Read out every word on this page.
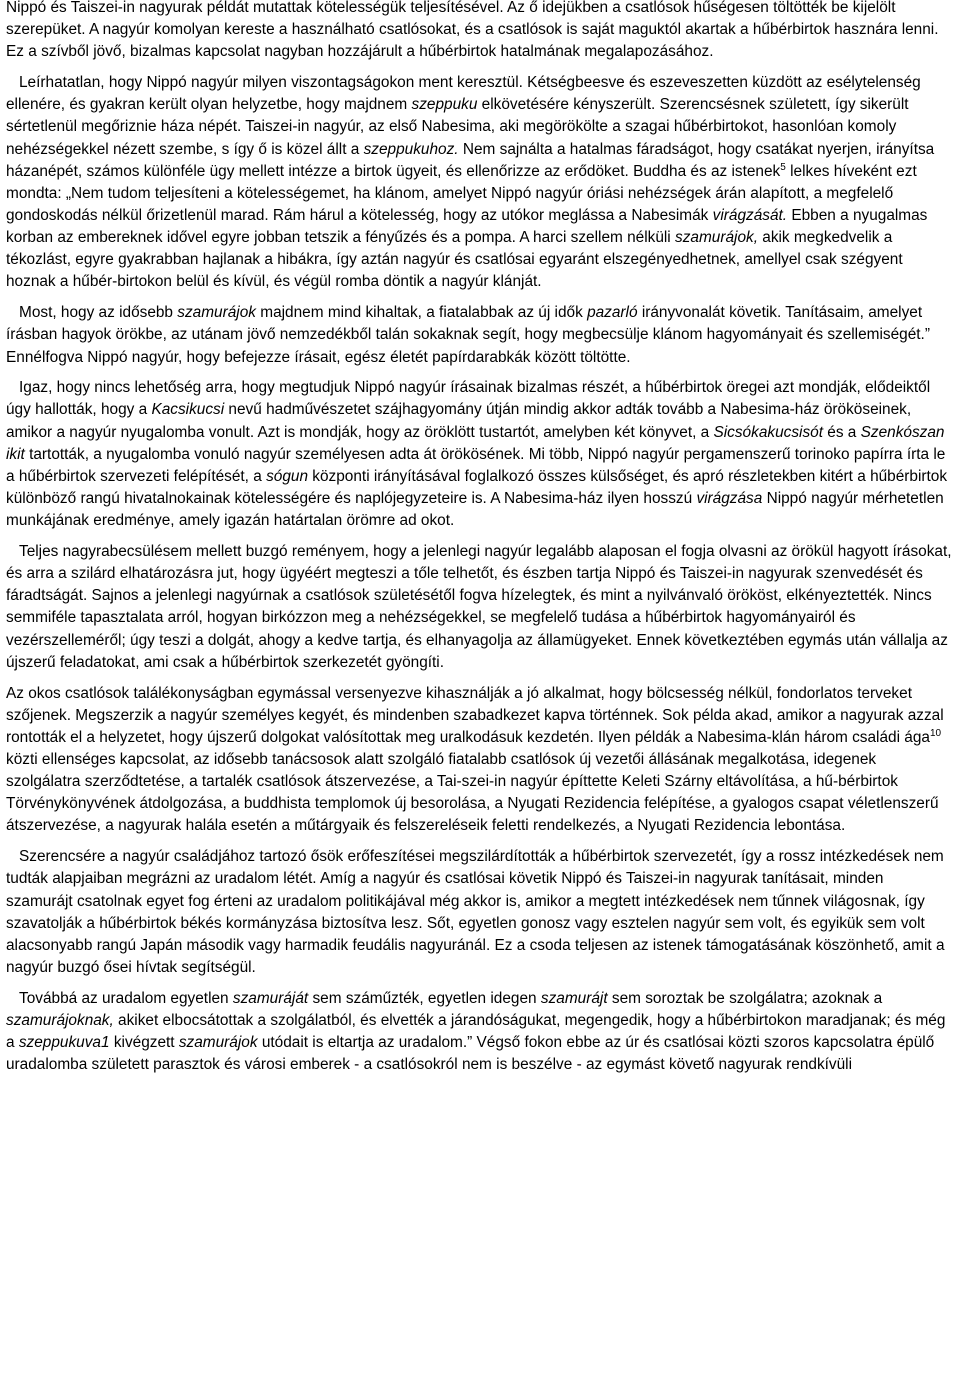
Nippó és Taiszei-in nagyurak példát mutattak kötelességük teljesítésével. Az ő idejükben a csatlósok hűségesen töltötték be kijelölt szerepüket. A nagyúr komolyan kereste a használható csatlósokat, és a csatlósok is saját maguktól akartak a hűbérbirtok hasznára lenni. Ez a szívből jövő, bizalmas kapcsolat nagyban hozzájárult a hűbérbirtok hatalmának megalapozásához.

Leírhatatlan, hogy Nippó nagyúr milyen viszontagságokon ment keresztül. Kétségbeesve és eszeveszetten küzdött az esélytelenség ellenére, és gyakran került olyan helyzetbe, hogy majdnem szeppuku elkövetésére kényszerült. Szerencsésnek született, így sikerült sértetlenül megőriznie háza népét. Taiszei-in nagyúr, az első Nabesima, aki megörökölte a szagai hűbérbirtokot, hasonlóan komoly nehézségekkel nézett szembe, s így ő is közel állt a szeppukuhoz. Nem sajnálta a hatalmas fáradságot, hogy csatákat nyerjen, irányítsa házanépét, számos különféle ügy mellett intézze a birtok ügyeit, és ellenőrizze az erődöket. Buddha és az istenek$^5$ lelkes híveként ezt mondta: „Nem tudom teljesíteni a kötelességemet, ha klánom, amelyet Nippó nagyúr óriási nehézségek árán alapított, a megfelelő gondoskodás nélkül őrizetlenül marad. Rám hárul a kötelesség, hogy az utókor meglássa a Nabesimák virágzását. Ebben a nyugalmas korban az embereknek idővel egyre jobban tetszik a fényűzés és a pompa. A harci szellem nélküli szamurájok, akik megkedvelik a tékozlást, egyre gyakrabban hajlanak a hibákra, így aztán nagyúr és csatlósai egyaránt elszegényedhetnek, amellyel csak szégyent hoznak a hűbér-birtokon belül és kívül, és végül romba döntik a nagyúr klánját.

Most, hogy az idősebb szamurájok majdnem mind kihaltak, a fiatalabbak az új idők pazarló irányvonalát követik. Tanításaim, amelyet írásban hagyok örökbe, az utánam jövő nemzedékből talán sokaknak segít, hogy megbecsülje klánom hagyományait és szellemiségét.” Ennélfogva Nippó nagyúr, hogy befejezze írásait, egész életét papírdarabkák között töltötte.

Igaz, hogy nincs lehetőség arra, hogy megtudjuk Nippó nagyúr írásainak bizalmas részét, a hűbérbirtok öregei azt mondják, elődeiktől úgy hallották, hogy a Kacsikucsi nevű hadművészetet szájhagyomány útján mindig akkor adták tovább a Nabesima-ház örököseinek, amikor a nagyúr nyugalomba vonult. Azt is mondják, hogy az öröklött tustartót, amelyben két könyvet, a Sicsókakucsisót és a Szenkószan ikit tartották, a nyugalomba vonuló nagyúr személyesen adta át örökösének. Mi több, Nippó nagyúr pergamenszerű torinoko papírra írta le a hűbérbirtok szervezeti felépítését, a sógun központi irányításával foglalkozó összes külsőséget, és apró részletekben kitért a hűbérbirtok különböző rangú hivatalnokainak kötelességére és naplójegyzeteire is. A Nabesima-ház ilyen hosszú virágzása Nippó nagyúr mérhetetlen munkájának eredménye, amely igazán határtalan örömre ad okot.

Teljes nagyrabecsülésem mellett buzgó reményem, hogy a jelenlegi nagyúr legalább alaposan el fogja olvasni az örökül hagyott írásokat, és arra a szilárd elhatározásra jut, hogy ügyéért megteszi a tőle telhetőt, és észben tartja Nippó és Taiszei-in nagyurak szenvedését és fáradtságát. Sajnos a jelenlegi nagyúrnak a csatlósok születésétől fogva hízelegtek, és mint a nyilvánvaló örököst, elkényeztették. Nincs semmiféle tapasztalata arról, hogyan birkózzon meg a nehézségekkel, se megfelelő tudása a hűbérbirtok hagyományairól és vezérszelleméről; úgy teszi a dolgát, ahogy a kedve tartja, és elhanyagolja az államügyeket. Ennek következtében egymás után vállalja az újszerű feladatokat, ami csak a hűbérbirtok szerkezetét gyöngíti.

Az okos csatlósok találékonyságban egymással versenyezve kihasználják a jó alkalmat, hogy bölcsesség nélkül, fondorlatos terveket szőjenek. Megszerzik a nagyúr személyes kegyét, és mindenben szabadkezet kapva történnek. Sok példa akad, amikor a nagyurak azzal rontották el a helyzetet, hogy újszerű dolgokat valósítottak meg uralkodásuk kezdetén. Ilyen példák a Nabesima-klán három családi ága$^{10}$ közti ellenséges kapcsolat, az idősebb tanácsosok alatt szolgáló fiatalabb csatlósok új vezetői állásának megalkotása, idegenek szolgálatra szerződtetése, a tartalék csatlósok átszervezése, a Tai-szei-in nagyúr építtette Keleti Szárny eltávolítása, a hű-bérbirtok Törvénykönyvének átdolgozása, a buddhista templomok új besorolása, a Nyugati Rezidencia felépítése, a gyalogos csapat véletlenszerű átszervezése, a nagyurak halála esetén a műtárgyaik és felszereléseik feletti rendelkezés, a Nyugati Rezidencia lebontása.

Szerencsére a nagyúr családjához tartozó ősök erőfeszítései megszilárdították a hűbérbirtok szervezetét, így a rossz intézkedések nem tudták alapjaiban megrázni az uradalom létét. Amíg a nagyúr és csatlósai követik Nippó és Taiszei-in nagyurak tanításait, minden szamurájt csatolnak egyet fog érteni az uradalom politikájával még akkor is, amikor a megtett intézkedések nem tűnnek világosnak, így szavatolják a hűbérbirtok békés kormányzása biztosítva lesz. Sőt, egyetlen gonosz vagy esztelen nagyúr sem volt, és egyikük sem volt alacsonyabb rangú Japán második vagy harmadik feudális nagyuránál. Ez a csoda teljesen az istenek támogatásának köszönhető, amit a nagyúr buzgó ősei hívtak segítségül.

Továbbá az uradalom egyetlen szamuráját sem száműzték, egyetlen idegen szamurájt sem soroztak be szolgálatra; azoknak a szamurájoknak, akiket elbocsátottak a szolgálatból, és elvették a járandóságukat, megengedik, hogy a hűbérbirtokon maradjanak; és még a szeppukuva1 kivégzett szamurájok utódait is eltartja az uradalom.” Végső fokon ebbe az úr és csatlósai közti szoros kapcsolatra épülő uradalomba született parasztok és városi emberek - a csatlósokról nem is beszélve - az egymást követő nagyurak rendkívüli
